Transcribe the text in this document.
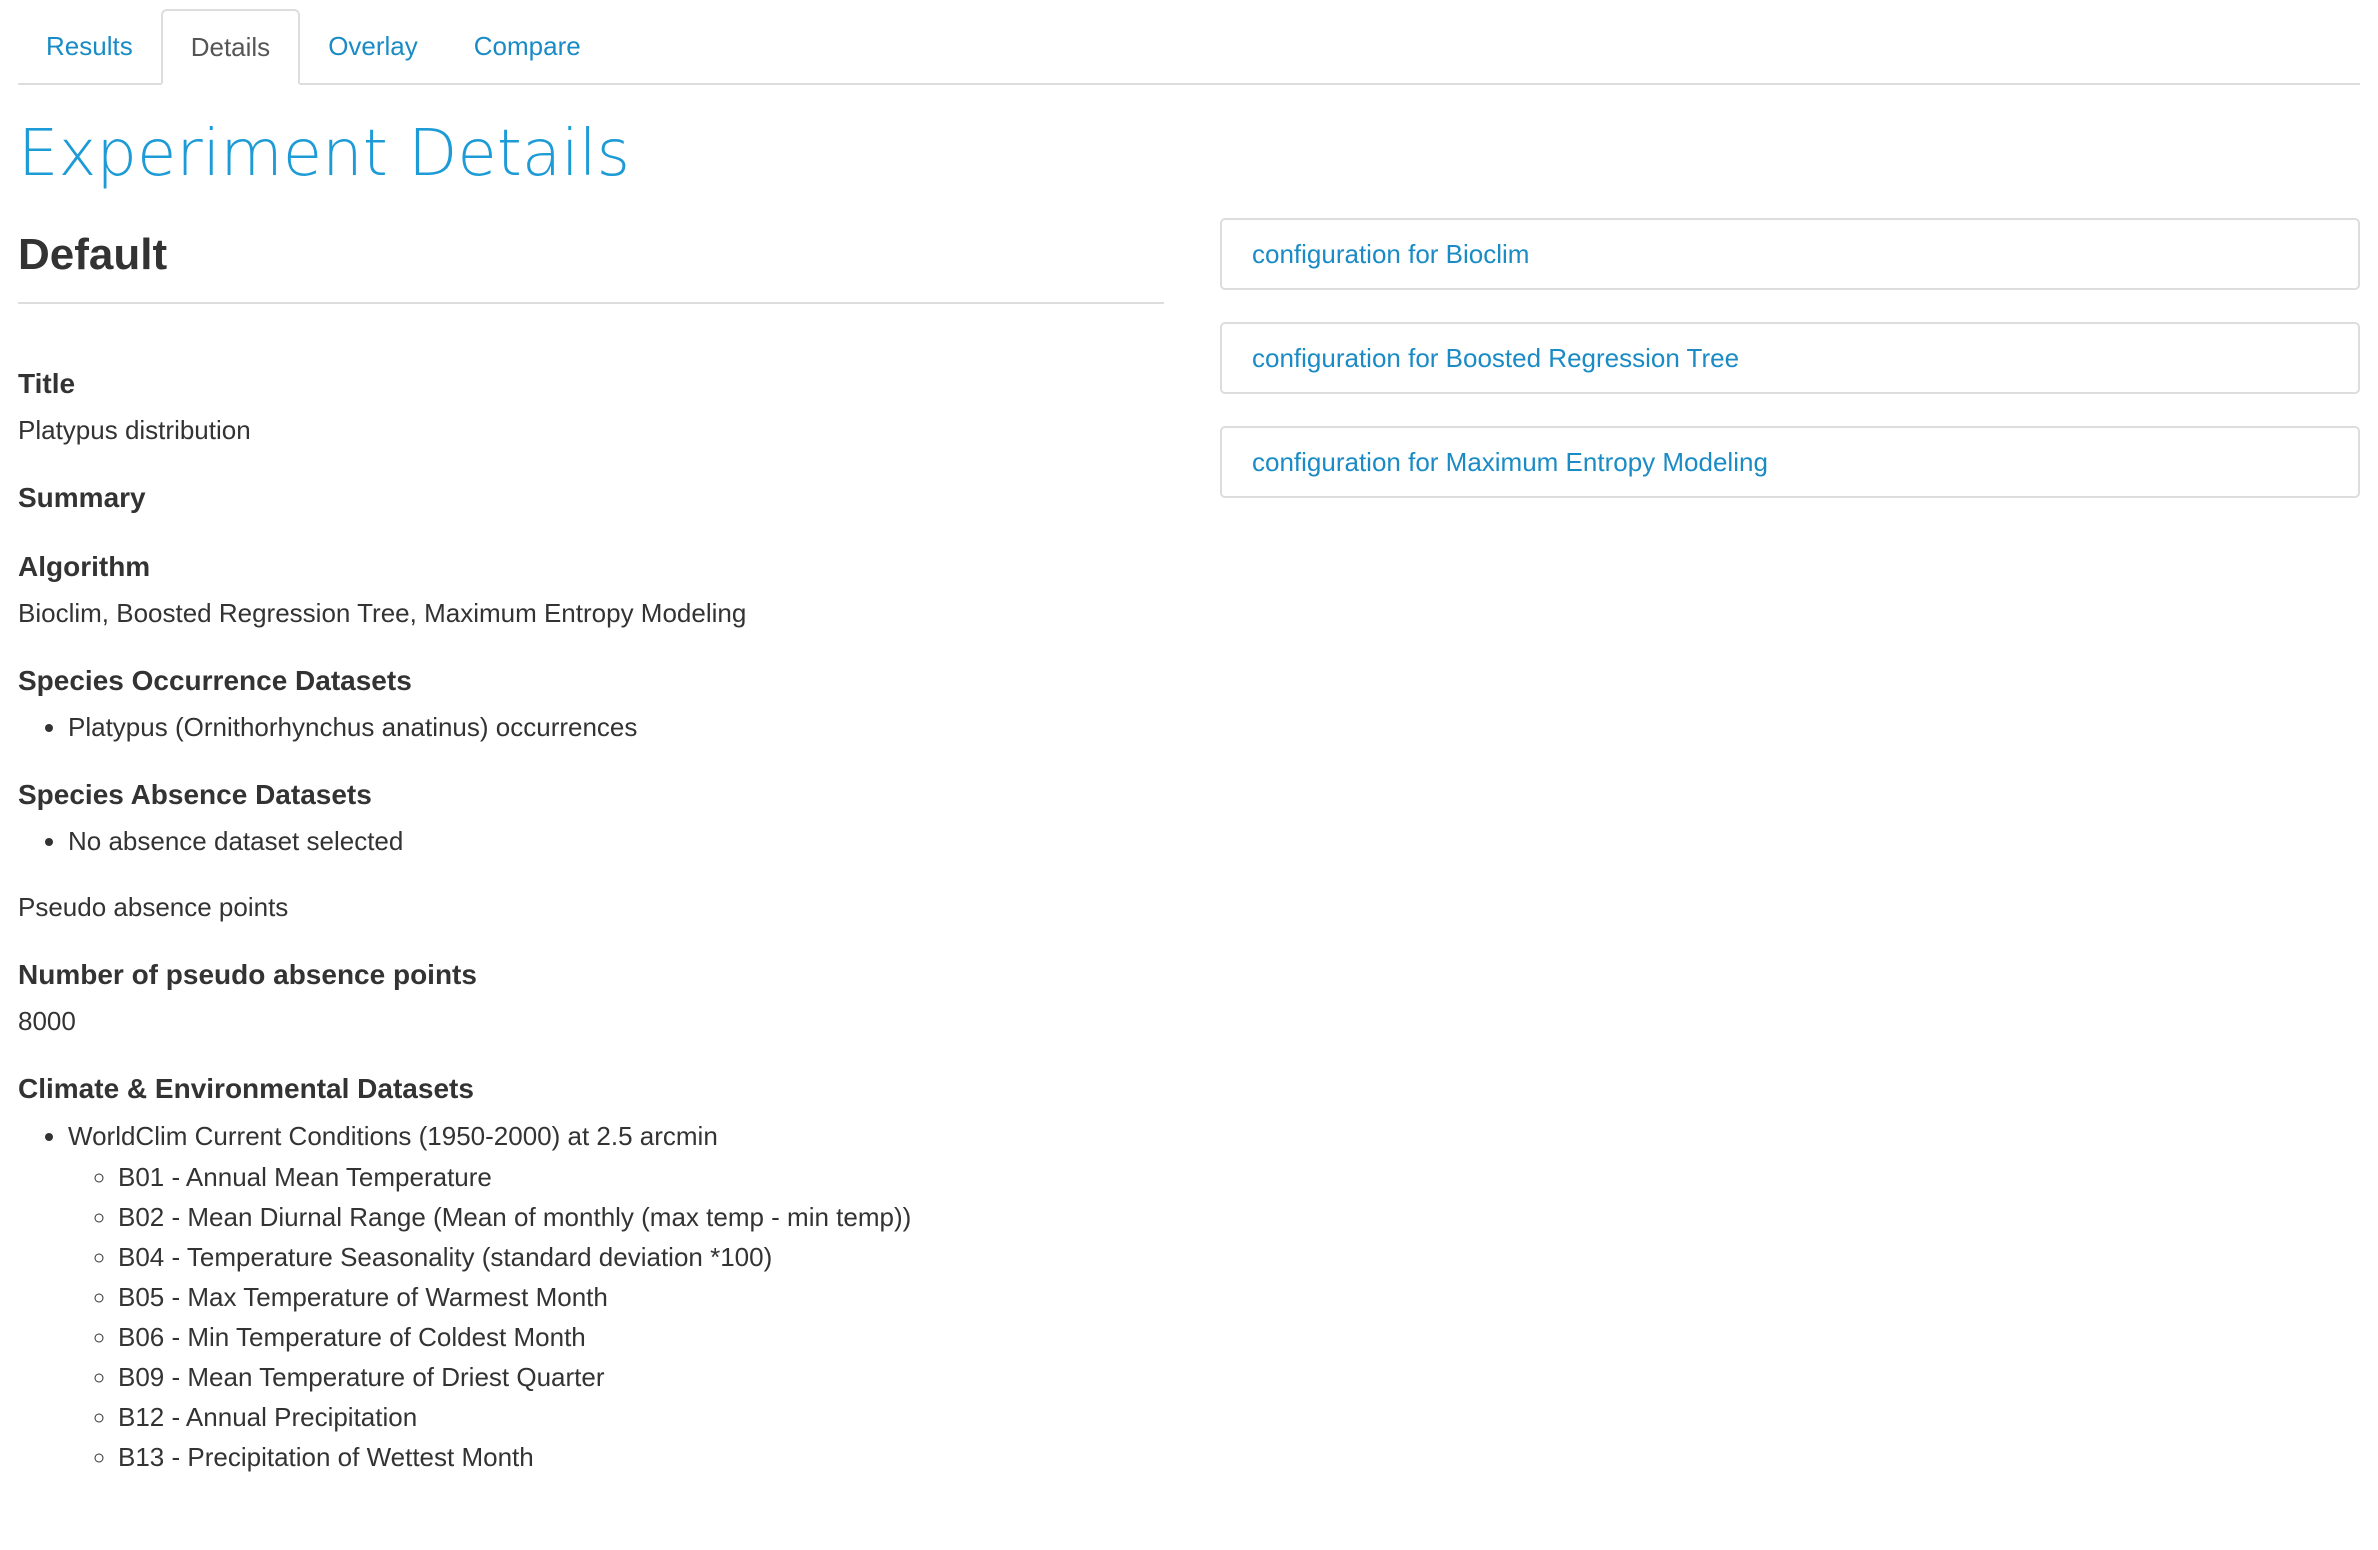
Results	Details	Overlay	Compare
Experiment Details
Default
Title
Platypus distribution
Summary
Algorithm
Bioclim, Boosted Regression Tree, Maximum Entropy Modeling
Species Occurrence Datasets
• Platypus (Ornithorhynchus anatinus) occurrences
Species Absence Datasets
• No absence dataset selected
Pseudo absence points
Number of pseudo absence points
8000
Climate & Environmental Datasets
• WorldClim Current Conditions (1950-2000) at 2.5 arcmin
◦ B01 - Annual Mean Temperature
◦ B02 - Mean Diurnal Range (Mean of monthly (max temp - min temp))
◦ B04 - Temperature Seasonality (standard deviation *100)
◦ B05 - Max Temperature of Warmest Month
◦ B06 - Min Temperature of Coldest Month
◦ B09 - Mean Temperature of Driest Quarter
◦ B12 - Annual Precipitation
◦ B13 - Precipitation of Wettest Month
configuration for Bioclim
configuration for Boosted Regression Tree
configuration for Maximum Entropy Modeling
